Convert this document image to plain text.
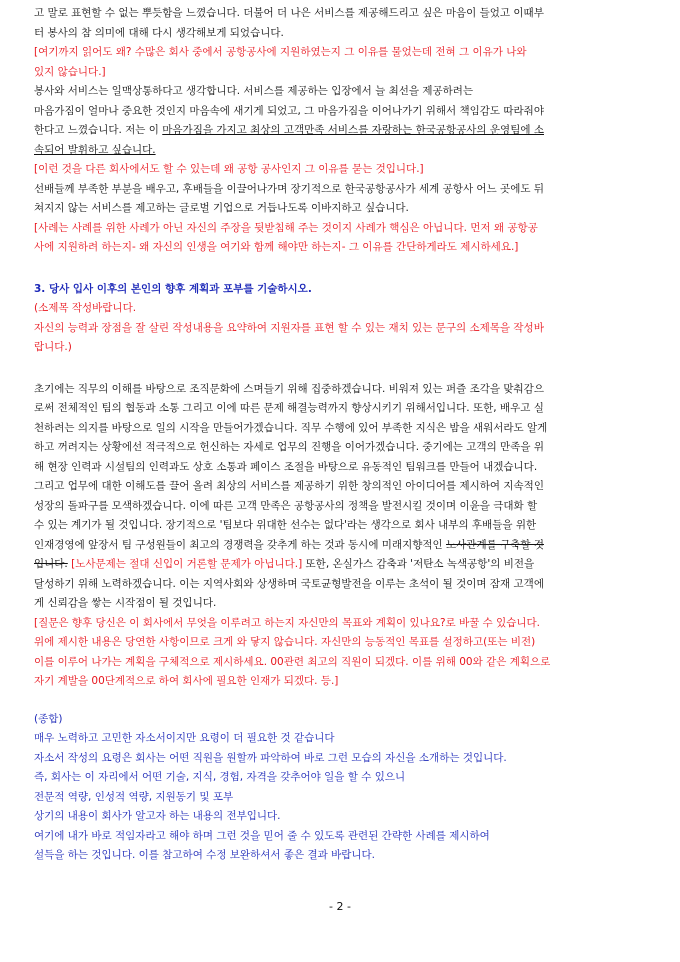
고 말로 표현할 수 없는 뿌듯함을 느꼈습니다. 더불어 더 나은 서비스를 제공해드리고 싶은 마음이 들었고 이때부
터 봉사의 참 의미에 대해 다시 생각해보게 되었습니다.

[여기까지 읽어도 왜? 수많은 회사 중에서 공항공사에 지원하였는지 그 이유를 물었는데 전혀 그 이유가 나와
있지 않습니다.]

봉사와 서비스는 일맥상통하다고 생각합니다. 서비스를 제공하는 입장에서 늘 최선을 제공하려는
마음가짐이 얼마나 중요한 것인지 마음속에 새기게 되었고, 그 마음가짐을 이어나가기 위해서 책임감도 따라줘야
한다고 느꼈습니다. 저는 이 마음가짐을 가지고 최상의 고객만족 서비스를 자랑하는 한국공항공사의 운영팀에 소
속되어 발휘하고 싶습니다.

[이런 것을 다른 회사에서도 할 수 있는데 왜 공항 공사인지 그 이유를 묻는 것입니다.]

선배들께 부족한 부분을 배우고, 후배들을 이끌어나가며 장기적으로 한국공항공사가 세계 공항사 어느 곳에도 뒤
쳐지지 않는 서비스를 제고하는 글로벌 기업으로 거듭나도록 이바지하고 싶습니다.

[사례는 사례를 위한 사례가 아닌 자신의 주장을 뒷받침해 주는 것이지 사례가 핵심은 아닙니다. 먼저 왜 공항공
사에 지원하려 하는지- 왜 자신의 인생을 여기와 함께 해야만 하는지- 그 이유를 간단하게라도 제시하세요.]

3. 당사 입사 이후의 본인의 향후 계획과 포부를 기술하시오.

(소제목 작성바랍니다.
자신의 능력과 장점을 잘 살린 작성내용을 요약하여 지원자를 표현 할 수 있는 재치 있는 문구의 소제목을 작성바
랍니다.)

초기에는 직무의 이해를 바탕으로 조직문화에 스며들기 위해 집중하겠습니다. 비워져 있는 퍼즐 조각을 맞춰감으
로써 전체적인 팀의 협동과 소통 그리고 이에 따른 문제 해결능력까지 향상시키기 위해서입니다. 또한, 배우고 실
천하려는 의지를 바탕으로 일의 시작을 만들어가겠습니다. 직무 수행에 있어 부족한 지식은 밤을 새워서라도 알게
하고 꺼려지는 상황에선 적극적으로 헌신하는 자세로 업무의 진행을 이어가겠습니다. 중기에는 고객의 만족을 위
해 현장 인력과 시설팀의 인력과도 상호 소통과 페이스 조절을 바탕으로 유동적인 팀워크를 만들어 내겠습니다.
그리고 업무에 대한 이해도를 끌어 올려 최상의 서비스를 제공하기 위한 창의적인 아이디어를 제시하여 지속적인
성장의 돌파구를 모색하겠습니다. 이에 따른 고객 만족은 공항공사의 정책을 발전시킬 것이며 이윤을 극대화 할
수 있는 계기가 될 것입니다. 장기적으로 '팀보다 위대한 선수는 없다'라는 생각으로 회사 내부의 후배들을 위한
인재경영에 앞장서 팀 구성원들이 최고의 경쟁력을 갖추게 하는 것과 동시에 미래지향적인 노사관계를 구축할 것
입니다. [노사문제는 절대 신입이 거론할 문제가 아닙니다.] 또한, 온실가스 감축과 '저탄소 녹색공항'의 비전을
달성하기 위해 노력하겠습니다. 이는 지역사회와 상생하며 국토균형발전을 이루는 초석이 될 것이며 잠재 고객에
게 신뢰감을 쌓는 시작점이 될 것입니다.

[질문은 향후 당신은 이 회사에서 무엇을 이루려고 하는지 자신만의 목표와 계획이 있나요?로 바꿀 수 있습니다.
위에 제시한 내용은 당연한 사항이므로 크게 와 닿지 않습니다. 자신만의 능동적인 목표를 설정하고(또는 비전)
이를 이루어 나가는 계획을 구체적으로 제시하세요. 00관련 최고의 직원이 되겠다. 이를 위해 00와 같은 계획으로
자기 계발을 00단계적으로 하여 회사에 필요한 인재가 되겠다. 등.]

(종합)
매우 노력하고 고민한 자소서이지만 요령이 더 필요한 것 같습니다
자소서 작성의 요령은 회사는 어떤 직원을 원할까 파악하여 바로 그런 모습의 자신을 소개하는 것입니다.
즉, 회사는 이 자리에서 어떤 기술, 지식, 경험, 자격을 갖추어야 일을 할 수 있으니
전문적 역량, 인성적 역량, 지원동기 및 포부
상기의 내용이 회사가 알고자 하는 내용의 전부입니다.
여기에 내가 바로 적임자라고 해야 하며 그런 것을 믿어 줄 수 있도록 관련된 간략한 사례를 제시하여
설득을 하는 것입니다. 이를 참고하여 수정 보완하셔서 좋은 결과 바랍니다.

- 2 -
